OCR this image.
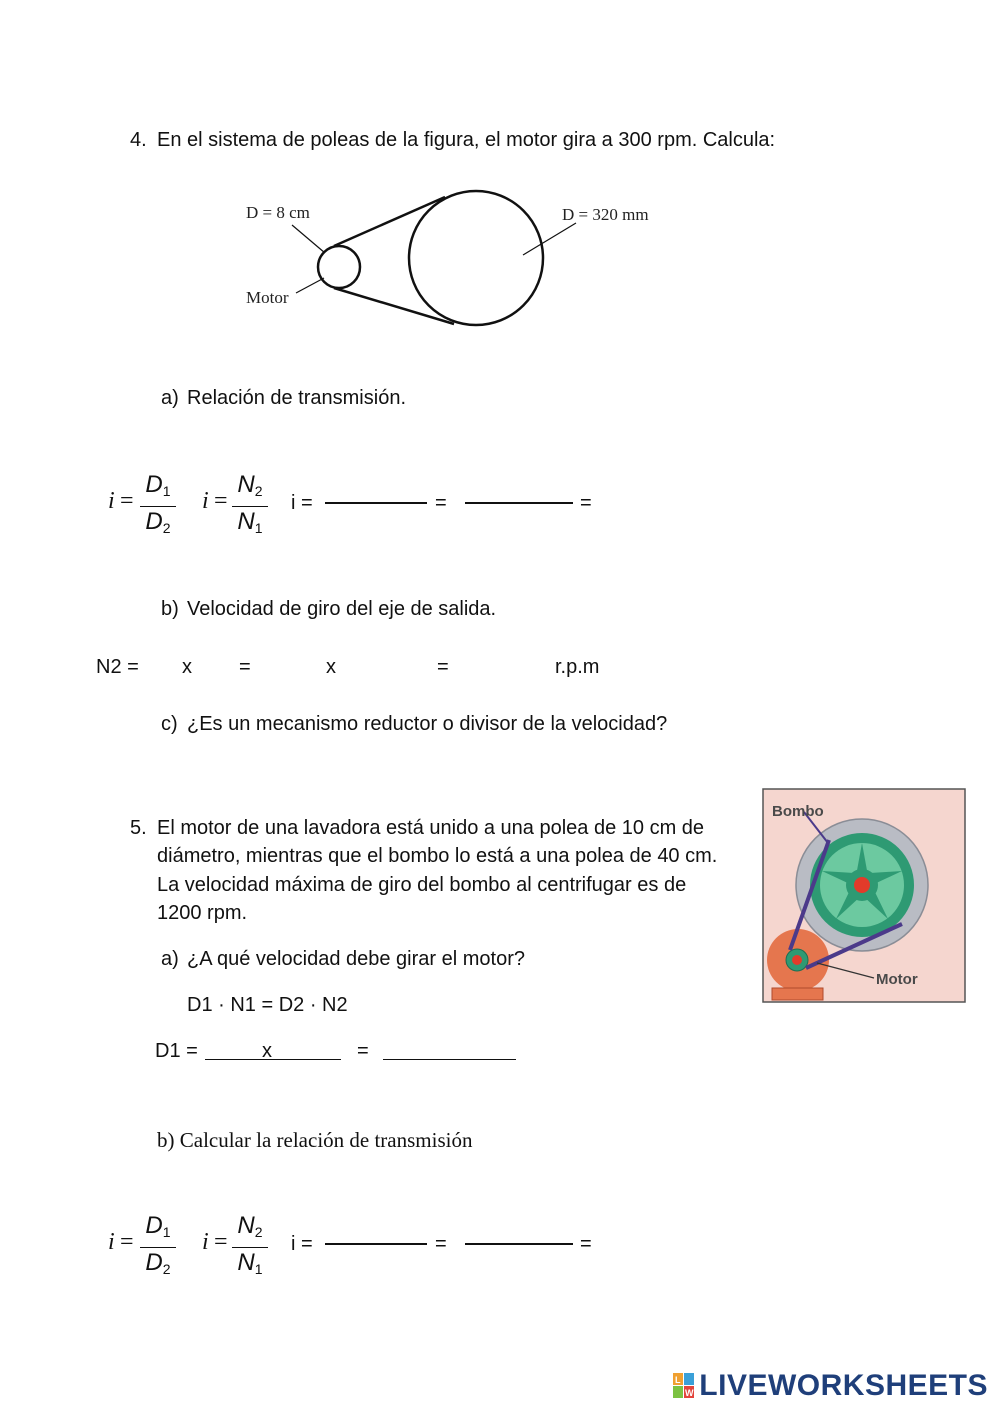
4. En el sistema de poleas de la figura, el motor gira a 300 rpm. Calcula:
D = 8 cm
Motor
D = 320 mm
a) Relación de transmisión.
i =
$D_1$
$D_2$
i =
$N_2$
$N_1$
i =	=	=
b) Velocidad de giro del eje de salida.
N2 = x =	x	=	r.p.m
c) ¿Es un mecanismo reductor o divisor de la velocidad?
5. El motor de una lavadora está unido a una polea de 10 cm de
diámetro, mientras que el bombo lo está a una polea de 40 cm.
La velocidad máxima de giro del bombo al centrifugar es de
1200 rpm.
Bombo
Motor
a) ¿A qué velocidad debe girar el motor?
D1 · N1 = D2 · N2
D1 =	x	=
b) Calcular la relación de transmisión
i =
$D_1$
$D_2$
i =
$N_2$
$N_1$
i =	=	=
L
W LIVEWORKSHEETS
